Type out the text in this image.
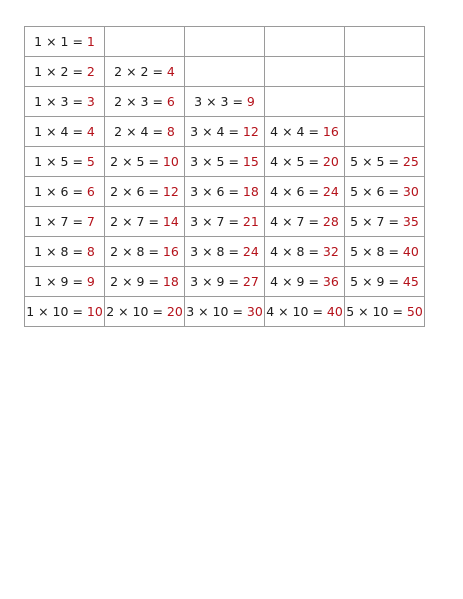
1 × 1 = 1				
1 × 2 = 2	2 × 2 = 4			
1 × 3 = 3	2 × 3 = 6	3 × 3 = 9		
1 × 4 = 4	2 × 4 = 8	3 × 4 = 12	4 × 4 = 16	
1 × 5 = 5	2 × 5 = 10	3 × 5 = 15	4 × 5 = 20	5 × 5 = 25
1 × 6 = 6	2 × 6 = 12	3 × 6 = 18	4 × 6 = 24	5 × 6 = 30
1 × 7 = 7	2 × 7 = 14	3 × 7 = 21	4 × 7 = 28	5 × 7 = 35
1 × 8 = 8	2 × 8 = 16	3 × 8 = 24	4 × 8 = 32	5 × 8 = 40
1 × 9 = 9	2 × 9 = 18	3 × 9 = 27	4 × 9 = 36	5 × 9 = 45
1 × 10 = 10	2 × 10 = 20	3 × 10 = 30	4 × 10 = 40	5 × 10 = 50
